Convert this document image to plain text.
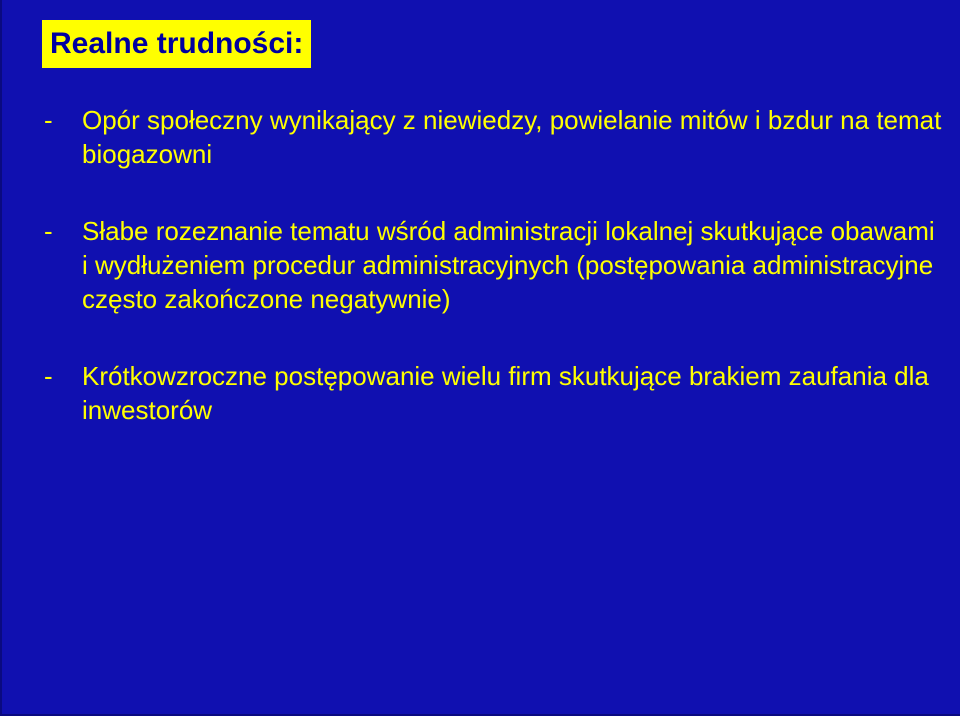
Realne trudności:
- Opór społeczny wynikający z niewiedzy, powielanie mitów i bzdur na temat biogazowni
- Słabe rozeznanie tematu wśród administracji lokalnej skutkujące obawami i wydłużeniem procedur administracyjnych (postępowania administracyjne często zakończone negatywnie)
- Krótkowzroczne postępowanie wielu firm skutkujące brakiem zaufania dla inwestorów
